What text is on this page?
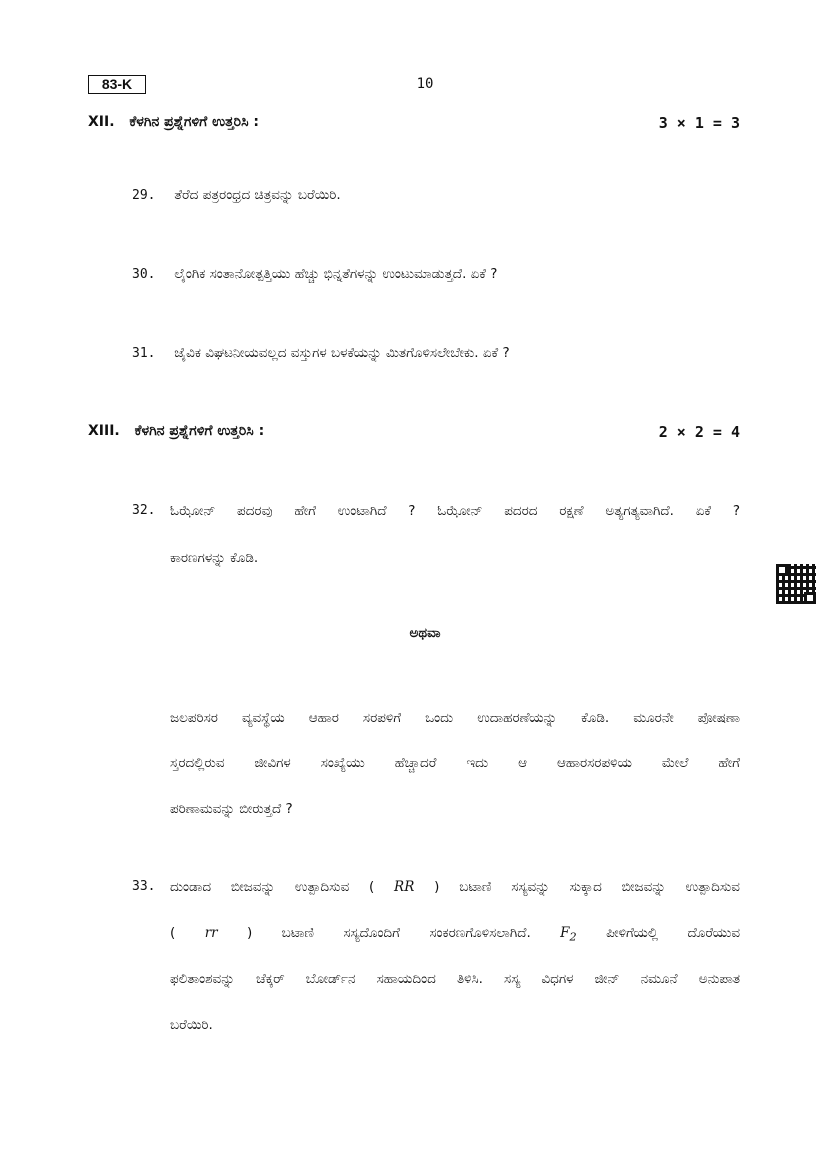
83-K	10
XII. ಕೆಳಗಿನ ಪ್ರಶ್ನೆಗಳಿಗೆ ಉತ್ತರಿಸಿ :	3 × 1 = 3
29. ತೆರೆದ ಪತ್ರರಂಧ್ರದ ಚಿತ್ರವನ್ನು ಬರೆಯಿರಿ.
30. ಲೈಂಗಿಕ ಸಂತಾನೋತ್ಪತ್ತಿಯು ಹೆಚ್ಚು ಭಿನ್ನತೆಗಳನ್ನು ಉಂಟುಮಾಡುತ್ತದೆ. ಏಕೆ ?
31. ಜೈವಿಕ ವಿಘಟನೀಯವಲ್ಲದ ವಸ್ತುಗಳ ಬಳಕೆಯನ್ನು ಮಿತಗೊಳಿಸಲೇಬೇಕು. ಏಕೆ ?
XIII. ಕೆಳಗಿನ ಪ್ರಶ್ನೆಗಳಿಗೆ ಉತ್ತರಿಸಿ :	2 × 2 = 4
32.	ಓಝೋನ್ ಪದರವು ಹೇಗೆ ಉಂಟಾಗಿದೆ ? ಓಝೋನ್ ಪದರದ ರಕ್ಷಣೆ ಅತ್ಯಗತ್ಯವಾಗಿದೆ. ಏಕೆ ?
ಕಾರಣಗಳನ್ನು ಕೊಡಿ.
ಅಥವಾ
ಜಲಪರಿಸರ ವ್ಯವಸ್ಥೆಯ ಆಹಾರ ಸರಪಳಿಗೆ ಒಂದು ಉದಾಹರಣೆಯನ್ನು ಕೊಡಿ. ಮೂರನೇ ಪೋಷಣಾ
ಸ್ತರದಲ್ಲಿರುವ ಜೀವಿಗಳ ಸಂಖ್ಯೆಯು ಹೆಚ್ಚಾದರೆ ಇದು ಆ ಆಹಾರಸರಪಳಿಯ ಮೇಲೆ ಹೇಗೆ
ಪರಿಣಾಮವನ್ನು ಬೀರುತ್ತದೆ ?
33.	ದುಂಡಾದ ಬೀಜವನ್ನು ಉತ್ಪಾದಿಸುವ ( RR ) ಬಟಾಣಿ ಸಸ್ಯವನ್ನು ಸುಕ್ಕಾದ ಬೀಜವನ್ನು ಉತ್ಪಾದಿಸುವ
( rr ) ಬಟಾಣಿ ಸಸ್ಯದೊಂದಿಗೆ ಸಂಕರಣಗೊಳಿಸಲಾಗಿದೆ. $F_2$ ಪೀಳಿಗೆಯಲ್ಲಿ ದೊರೆಯುವ
ಫಲಿತಾಂಶವನ್ನು ಚೆಕ್ಕರ್ ಬೋರ್ಡ್‌ನ ಸಹಾಯದಿಂದ ತಿಳಿಸಿ. ಸಸ್ಯ ವಿಧಗಳ ಜೀನ್ ನಮೂನೆ ಅನುಪಾತ
ಬರೆಯಿರಿ.
